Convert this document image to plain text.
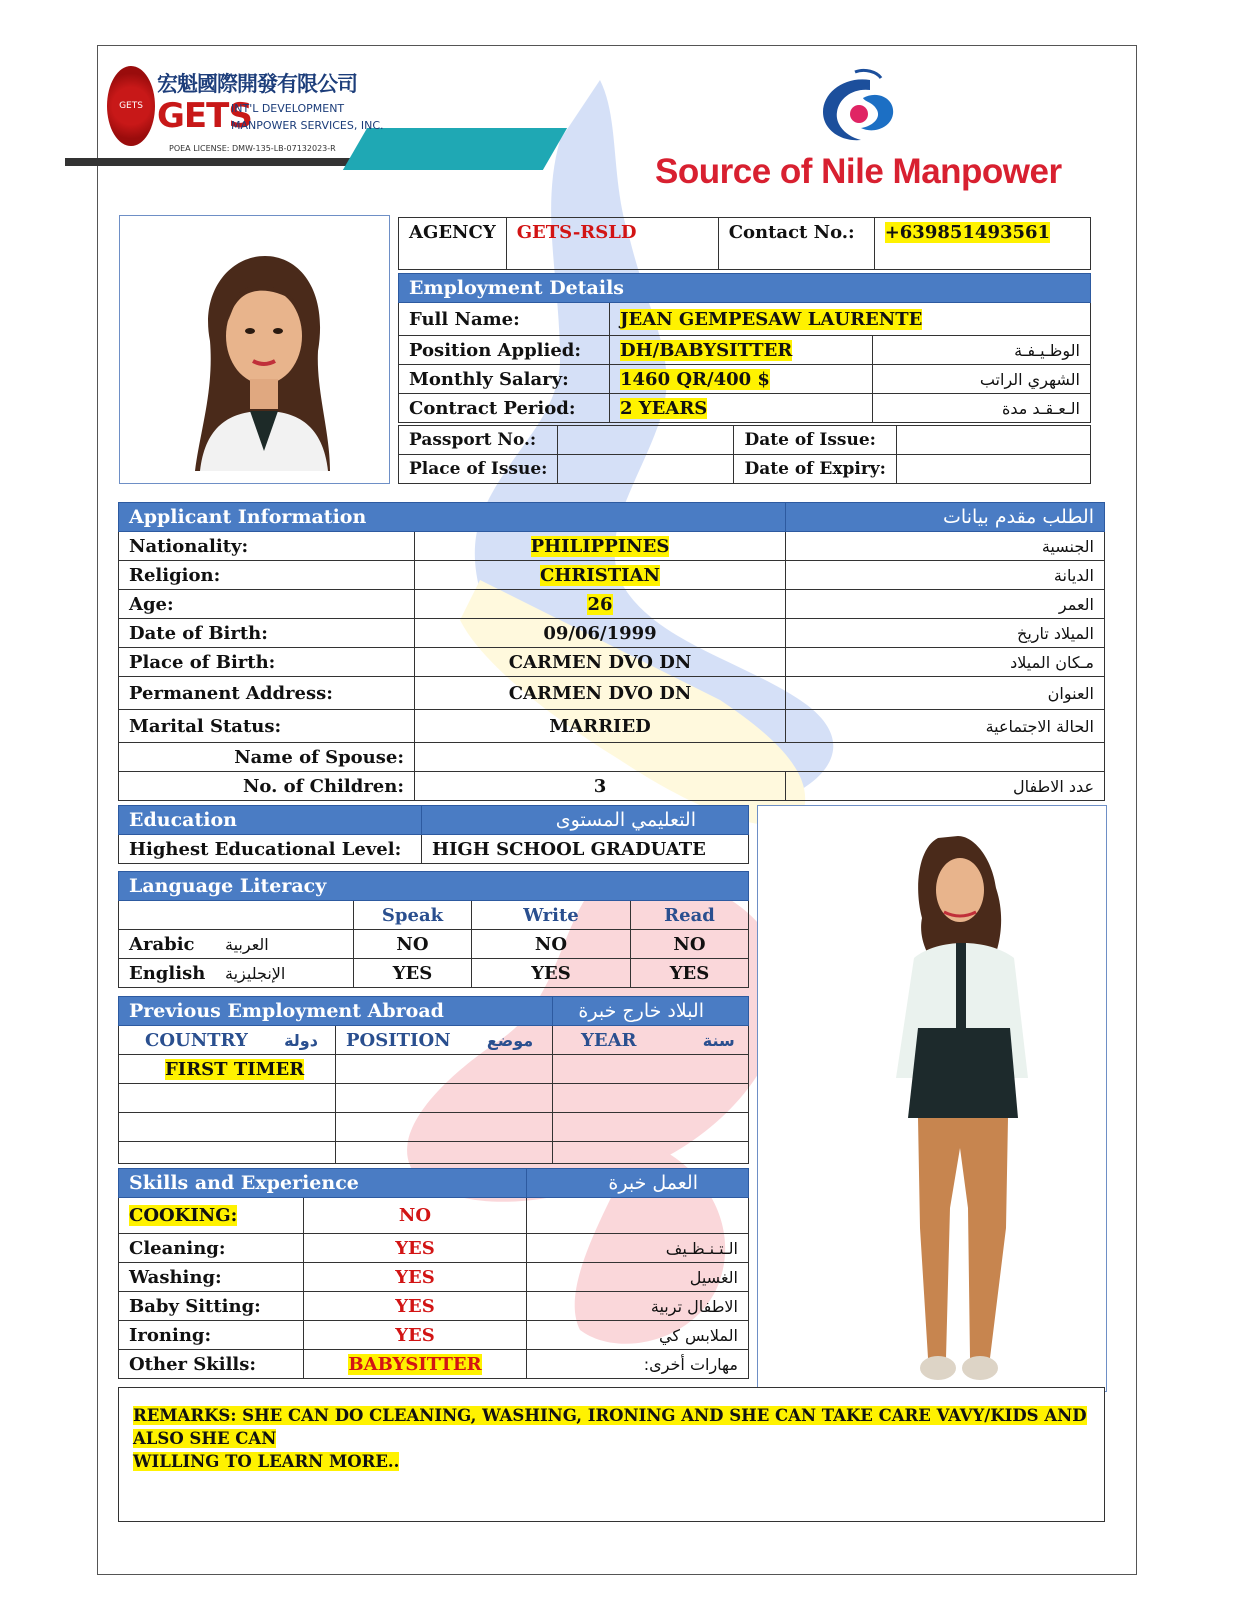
GETS
宏魁國際開發有限公司
GETS
INT'L DEVELOPMENT
MANPOWER SERVICES, INC.
POEA LICENSE: DMW-135-LB-07132023-R
Source of Nile Manpower
AGENCY	GETS-RSLD	Contact No.:	+639851493561
Employment Details		
Full Name:	JEAN GEMPESAW LAURENTE	
Position Applied:	DH/BABYSITTER	الوظـيـفـة
Monthly Salary:	1460 QR/400 $	الشهري الراتب
Contract Period:	2 YEARS	الـعـقـد مدة
Passport No.:		Date of Issue:	
Place of Issue:		Date of Expiry:	
Applicant Information		الطلب مقدم بيانات
Nationality:	PHILIPPINES	الجنسية
Religion:	CHRISTIAN	الديانة
Age:	26	العمر
Date of Birth:	09/06/1999	الميلاد تاريخ
Place of Birth:	CARMEN DVO DN	مـكان الميلاد
Permanent Address:	CARMEN DVO DN	العنوان
Marital Status:	MARRIED	الحالة الاجتماعية
Name of Spouse:		
No. of Children:	3	عدد الاطفال
Education	التعليمي المستوى
Highest Educational Level:	HIGH SCHOOL GRADUATE
Language Literacy			
	Speak	Write	Read
Arabic العربية	NO	NO	NO
English الإنجليزية	YES	YES	YES
Previous Employment Abroad		البلاد خارج خبرة
COUNTRY دولة	POSITION موضع	YEAR سنة
FIRST TIMER		

Skills and Experience		العمل خبرة
COOKING:	NO	
Cleaning:	YES	الـتـنـظـيف
Washing:	YES	الغسيل
Baby Sitting:	YES	الاطفال تربية
Ironing:	YES	الملابس كي
Other Skills:	BABYSITTER	مهارات أخرى:
REMARKS: SHE CAN DO CLEANING, WASHING, IRONING AND SHE CAN TAKE CARE VAVY/KIDS AND ALSO SHE CAN
WILLING TO LEARN MORE..
